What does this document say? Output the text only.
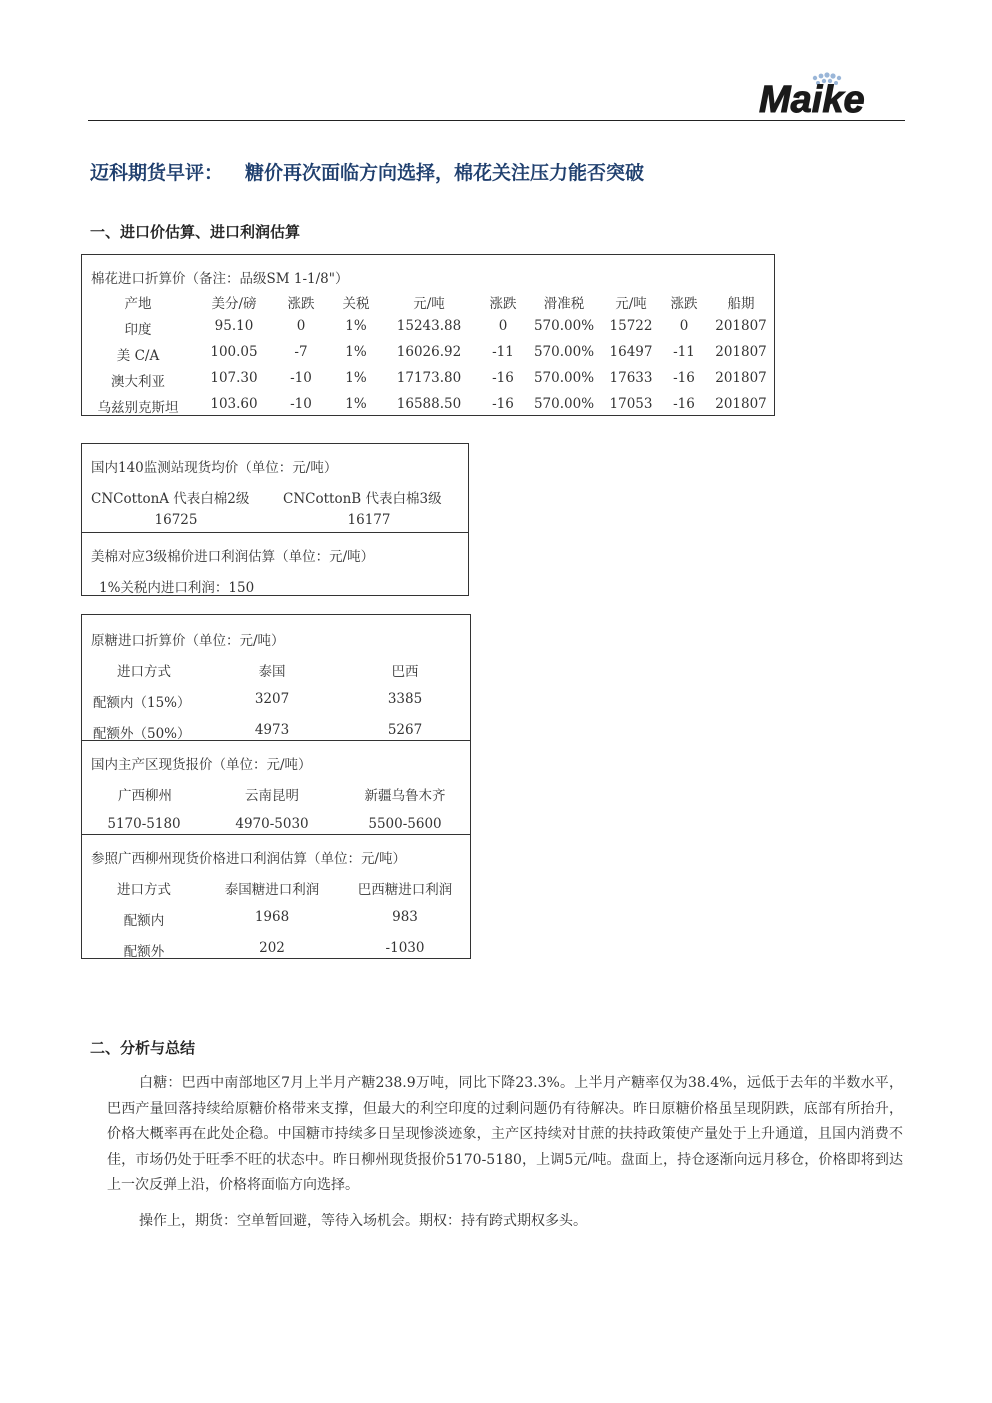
Maike
迈科期货早评： 糖价再次面临方向选择，棉花关注压力能否突破
一、进口价估算、进口利润估算
棉花进口折算价（备注：品级SM 1-1/8"）
产地	美分/磅 涨跌 关税	元/吨	涨跌 滑准税 元/吨 涨跌 船期
印度	95.10	0	1% 15243.88	0 570.00% 15722 0 201807
美 C/A	100.05	-7	1% 16026.92 -11 570.00% 16497 -11 201807
澳大利亚	107.30 -10 1% 17173.80 -16 570.00% 17633 -16 201807
乌兹别克斯坦 103.60 -10 1% 16588.50 -16 570.00% 17053 -16 201807
国内140监测站现货均价（单位：元/吨）
CNCottonA 代表白棉2级 CNCottonB 代表白棉3级
16725	16177
美棉对应3级棉价进口利润估算（单位：元/吨）
1%关税内进口利润：150
原糖进口折算价（单位：元/吨）
进口方式	泰国	巴西
配额内（15%）	3207	3385
配额外（50%）	4973	5267
国内主产区现货报价（单位：元/吨）
广西柳州	云南昆明	新疆乌鲁木齐
5170-5180	4970-5030	5500-5600
参照广西柳州现货价格进口利润估算（单位：元/吨）
进口方式	泰国糖进口利润	巴西糖进口利润
配额内	1968	983
配额外	202	-1030
二、分析与总结
白糖：巴西中南部地区7月上半月产糖238.9万吨，同比下降23.3%。上半月产糖率仅为38.4%，远低于去年的半数水平，巴西产量回落持续给原糖价格带来支撑，但最大的利空印度的过剩问题仍有待解决。昨日原糖价格虽呈现阴跌，底部有所抬升，价格大概率再在此处企稳。中国糖市持续多日呈现惨淡迹象，主产区持续对甘蔗的扶持政策使产量处于上升通道，且国内消费不佳，市场仍处于旺季不旺的状态中。昨日柳州现货报价5170-5180，上调5元/吨。盘面上，持仓逐渐向远月移仓，价格即将到达上一次反弹上沿，价格将面临方向选择。
操作上，期货：空单暂回避，等待入场机会。期权：持有跨式期权多头。
